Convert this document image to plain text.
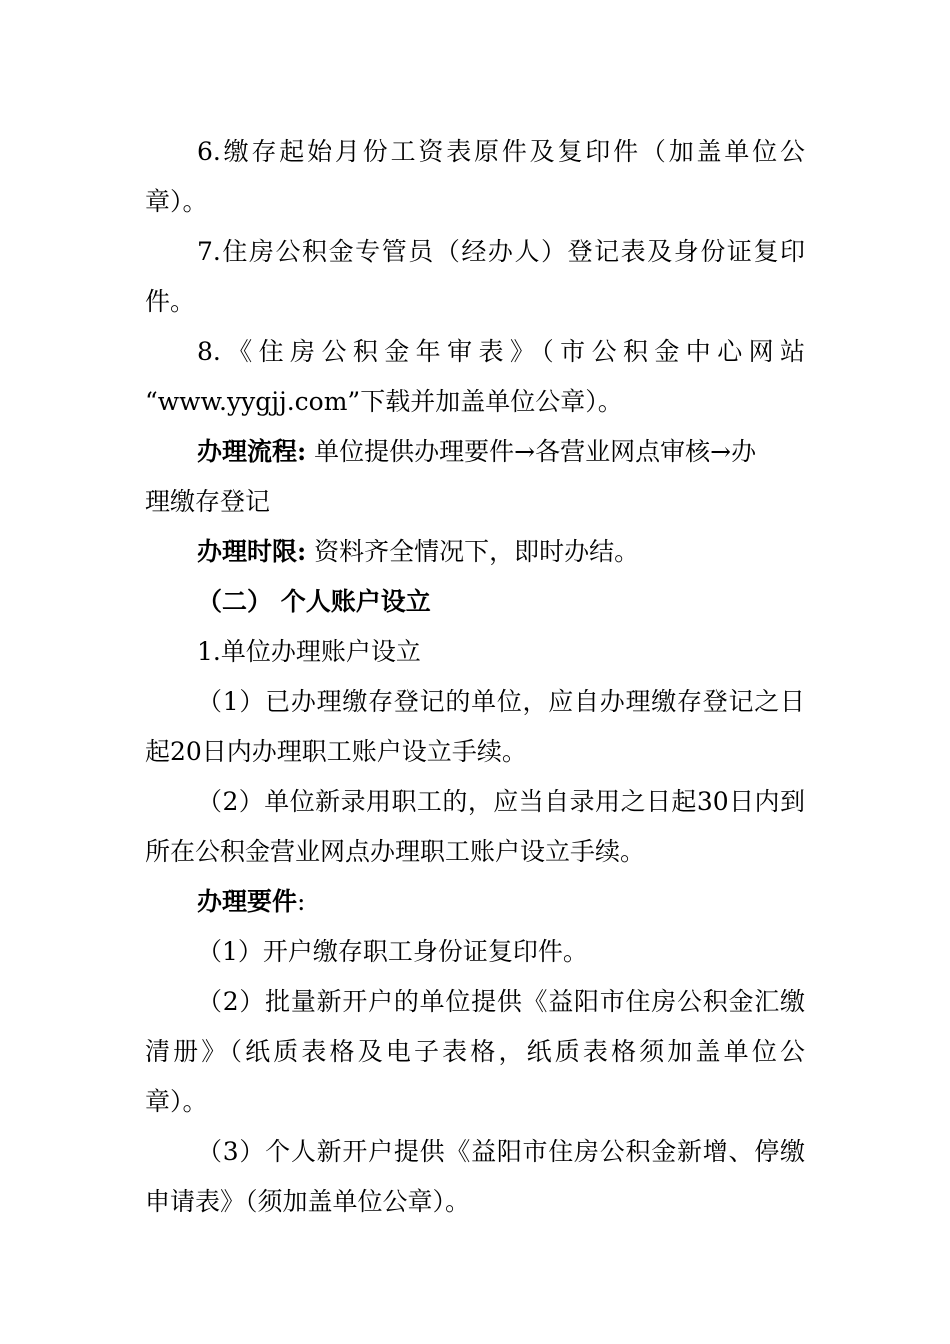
6.缴存起始月份工资表原件及复印件（加盖单位公
章）。
7.住房公积金专管员（经办人）登记表及身份证复印
件。
8.《住房公积金年审表》（市公积金中心网站
“www.yygjj.com”下载并加盖单位公章）。
办理流程: 单位提供办理要件→各营业网点审核→办
理缴存登记
办理时限: 资料齐全情况下，即时办结。
（二） 个人账户设立
1.单位办理账户设立
（1）已办理缴存登记的单位，应自办理缴存登记之日
起20日内办理职工账户设立手续。
（2）单位新录用职工的，应当自录用之日起30日内到
所在公积金营业网点办理职工账户设立手续。
办理要件:
（1）开户缴存职工身份证复印件。
（2）批量新开户的单位提供《益阳市住房公积金汇缴
清册》（纸质表格及电子表格，纸质表格须加盖单位公
章）。
（3）个人新开户提供《益阳市住房公积金新增、停缴
申请表》（须加盖单位公章）。
